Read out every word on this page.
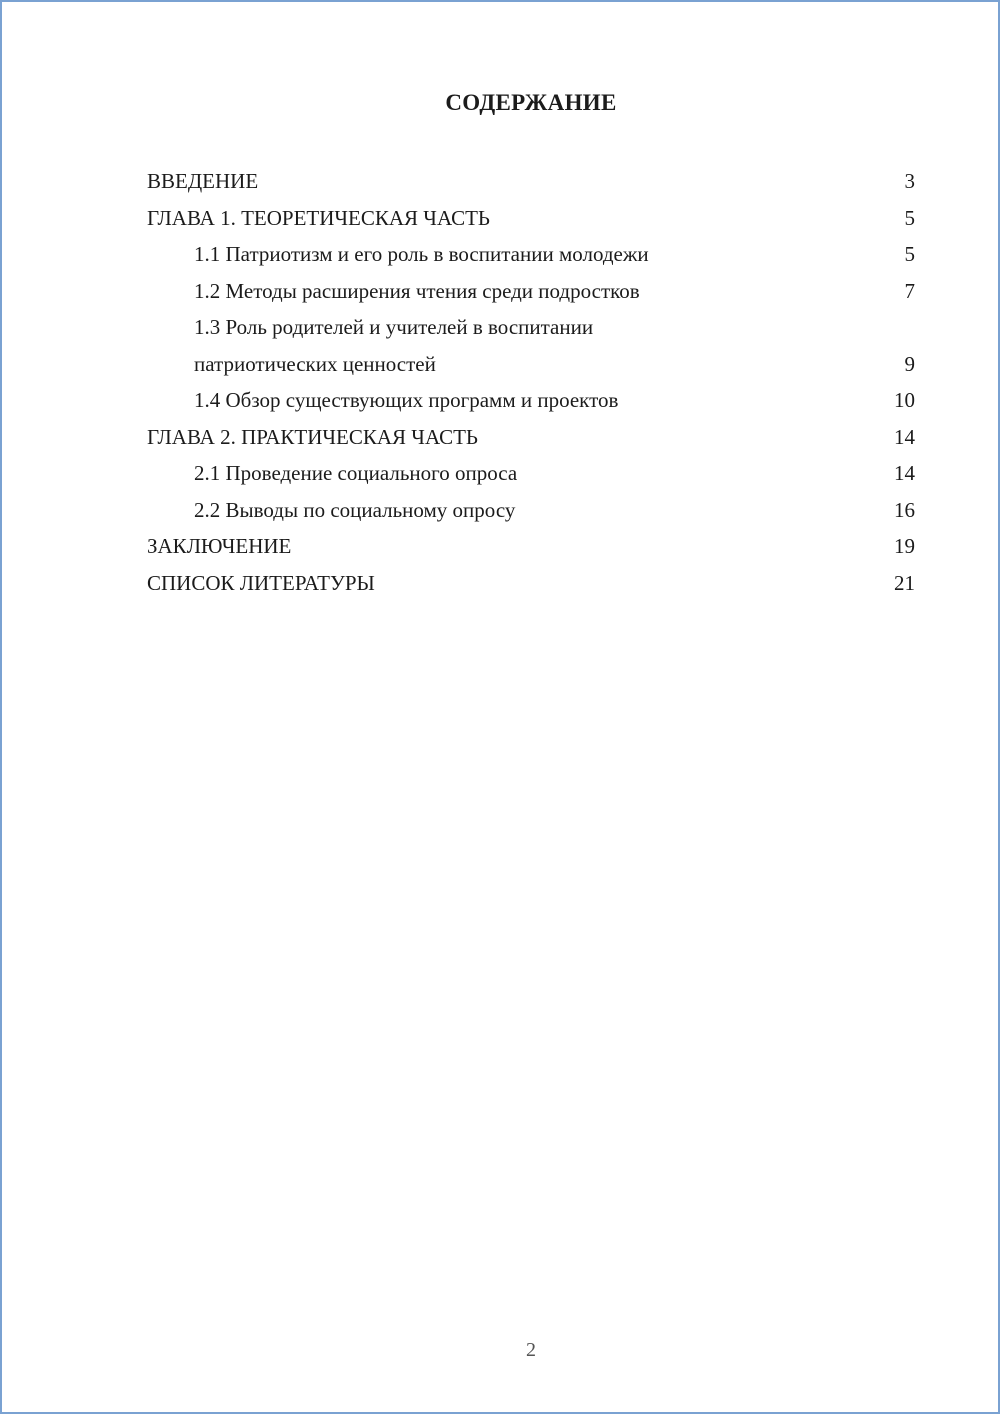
СОДЕРЖАНИЕ
ВВЕДЕНИЕ	3
ГЛАВА 1. ТЕОРЕТИЧЕСКАЯ ЧАСТЬ	5
1.1 Патриотизм и его роль в воспитании молодежи	5
1.2 Методы расширения чтения среди подростков	7
1.3 Роль родителей и учителей в воспитании
патриотических ценностей	9
1.4 Обзор существующих программ и проектов	10
ГЛАВА 2. ПРАКТИЧЕСКАЯ ЧАСТЬ	14
2.1 Проведение социального опроса	14
2.2 Выводы по социальному опросу	16
ЗАКЛЮЧЕНИЕ	19
СПИСОК ЛИТЕРАТУРЫ	21
2
